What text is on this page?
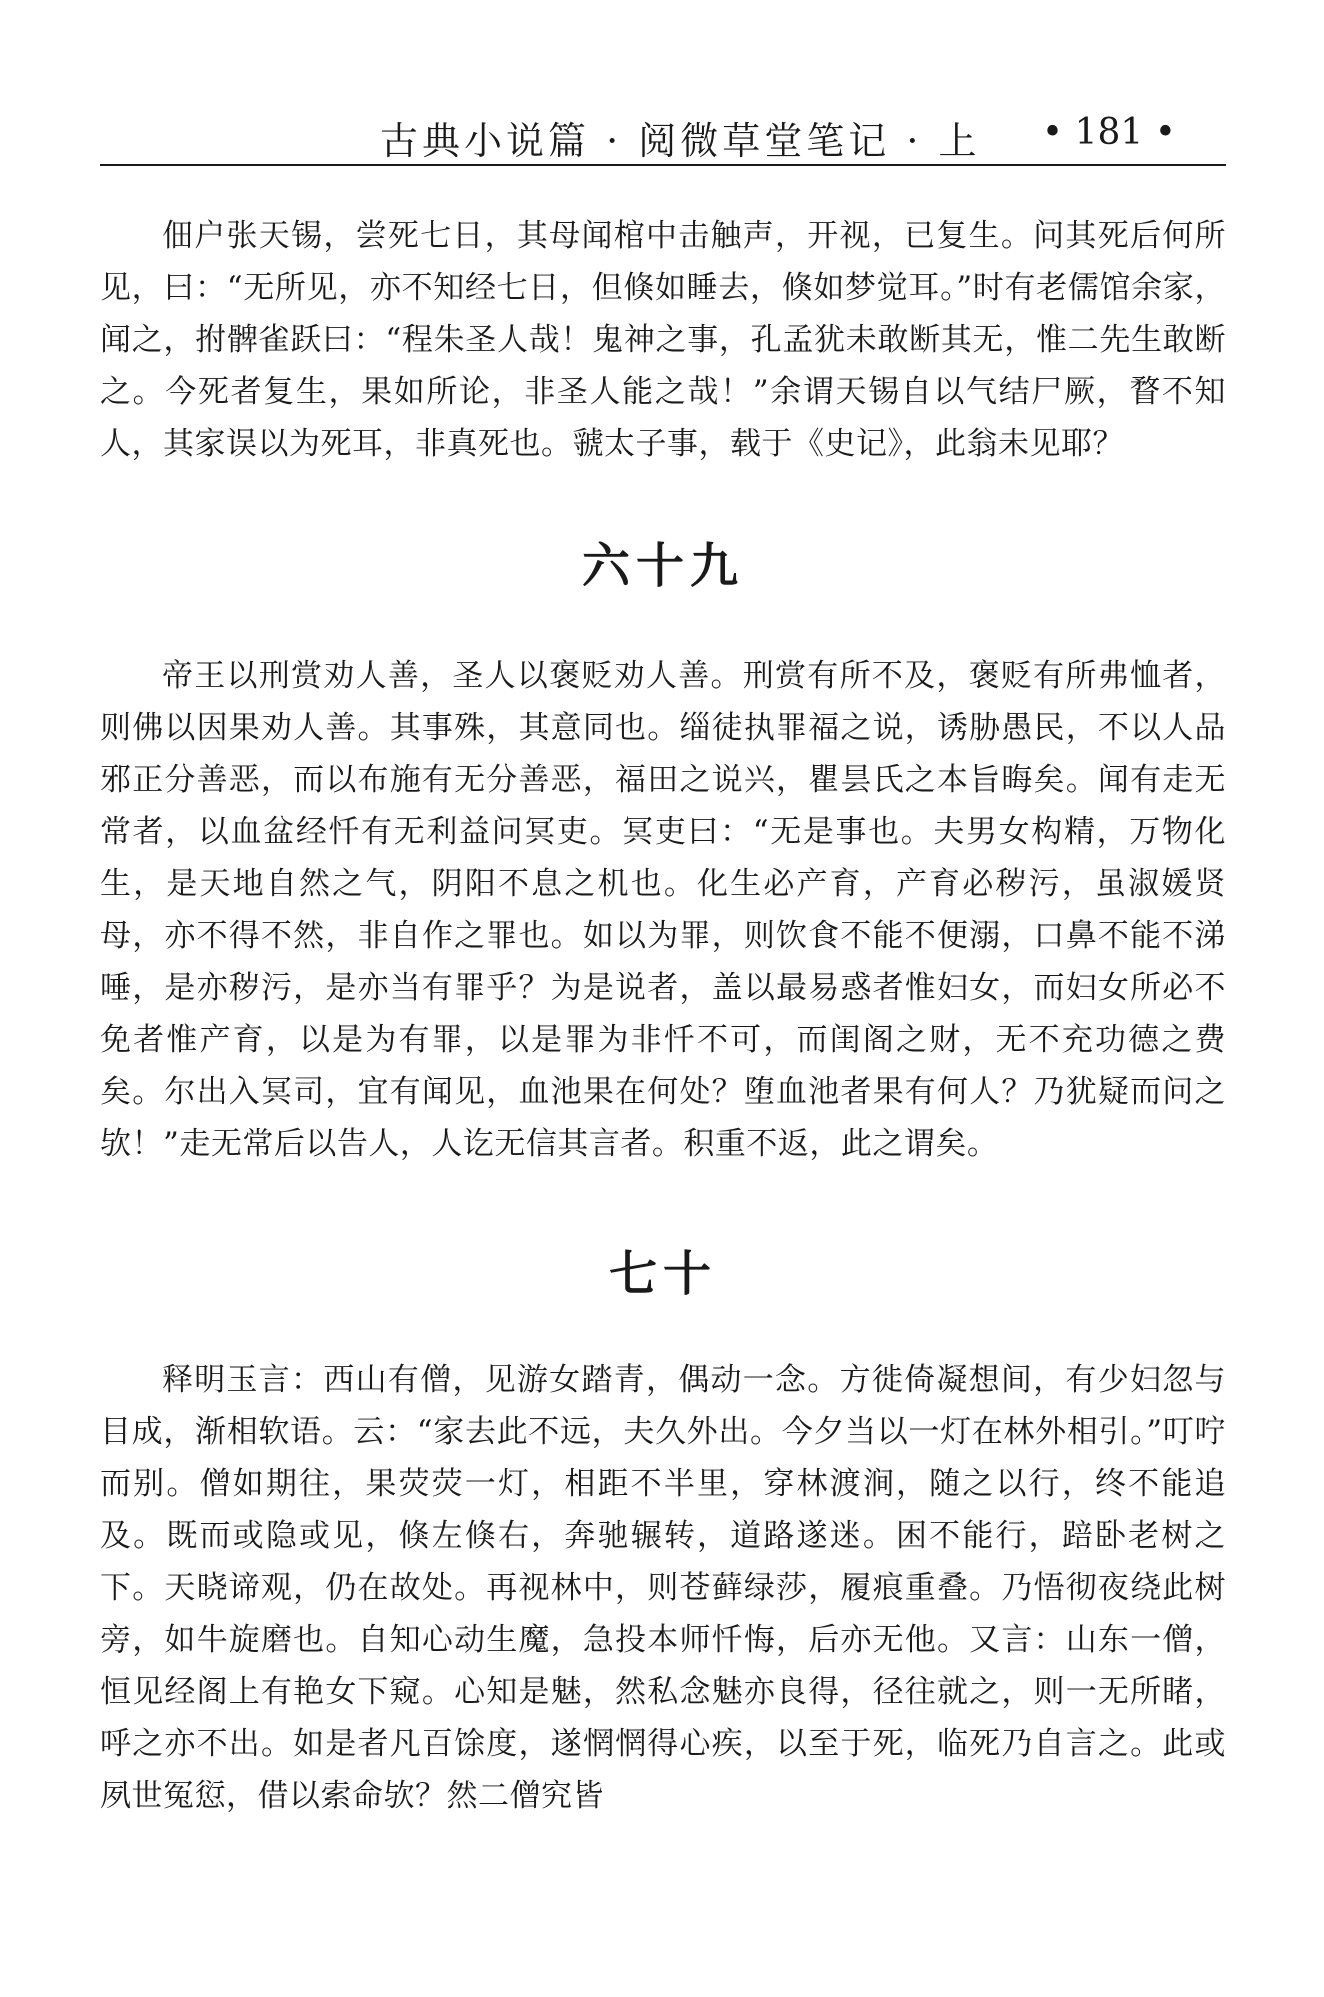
古典小说篇 · 阅微草堂笔记 · 上 • 181 •

佃户张天锡，尝死七日，其母闻棺中击触声，开视，已复生。问其死后何所见，曰：“无所见，亦不知经七日，但倏如睡去，倏如梦觉耳。”时有老儒馆余家，闻之，拊髀雀跃曰：“程朱圣人哉！鬼神之事，孔孟犹未敢断其无，惟二先生敢断之。今死者复生，果如所论，非圣人能之哉！”余谓天锡自以气结尸厥，瞀不知人，其家误以为死耳，非真死也。虢太子事，载于《史记》，此翁未见耶？

六十九

帝王以刑赏劝人善，圣人以褒贬劝人善。刑赏有所不及，褒贬有所弗恤者，则佛以因果劝人善。其事殊，其意同也。缁徒执罪福之说，诱胁愚民，不以人品邪正分善恶，而以布施有无分善恶，福田之说兴，瞿昙氏之本旨晦矣。闻有走无常者，以血盆经忏有无利益问冥吏。冥吏曰：“无是事也。夫男女构精，万物化生，是天地自然之气，阴阳不息之机也。化生必产育，产育必秽污，虽淑媛贤母，亦不得不然，非自作之罪也。如以为罪，则饮食不能不便溺，口鼻不能不涕唾，是亦秽污，是亦当有罪乎？为是说者，盖以最易惑者惟妇女，而妇女所必不免者惟产育，以是为有罪，以是罪为非忏不可，而闺阁之财，无不充功德之费矣。尔出入冥司，宜有闻见，血池果在何处？堕血池者果有何人？乃犹疑而问之欤！”走无常后以告人，人讫无信其言者。积重不返，此之谓矣。

七十

释明玉言：西山有僧，见游女踏青，偶动一念。方徙倚凝想间，有少妇忽与目成，渐相软语。云：“家去此不远，夫久外出。今夕当以一灯在林外相引。”叮咛而别。僧如期往，果荧荧一灯，相距不半里，穿林渡涧，随之以行，终不能追及。既而或隐或见，倏左倏右，奔驰辗转，道路遂迷。困不能行，踣卧老树之下。天晓谛观，仍在故处。再视林中，则苍藓绿莎，履痕重叠。乃悟彻夜绕此树旁，如牛旋磨也。自知心动生魔，急投本师忏悔，后亦无他。又言：山东一僧，恒见经阁上有艳女下窥。心知是魅，然私念魅亦良得，径往就之，则一无所睹，呼之亦不出。如是者凡百馀度，遂惘惘得心疾，以至于死，临死乃自言之。此或夙世冤愆，借以索命欤？然二僧究皆
